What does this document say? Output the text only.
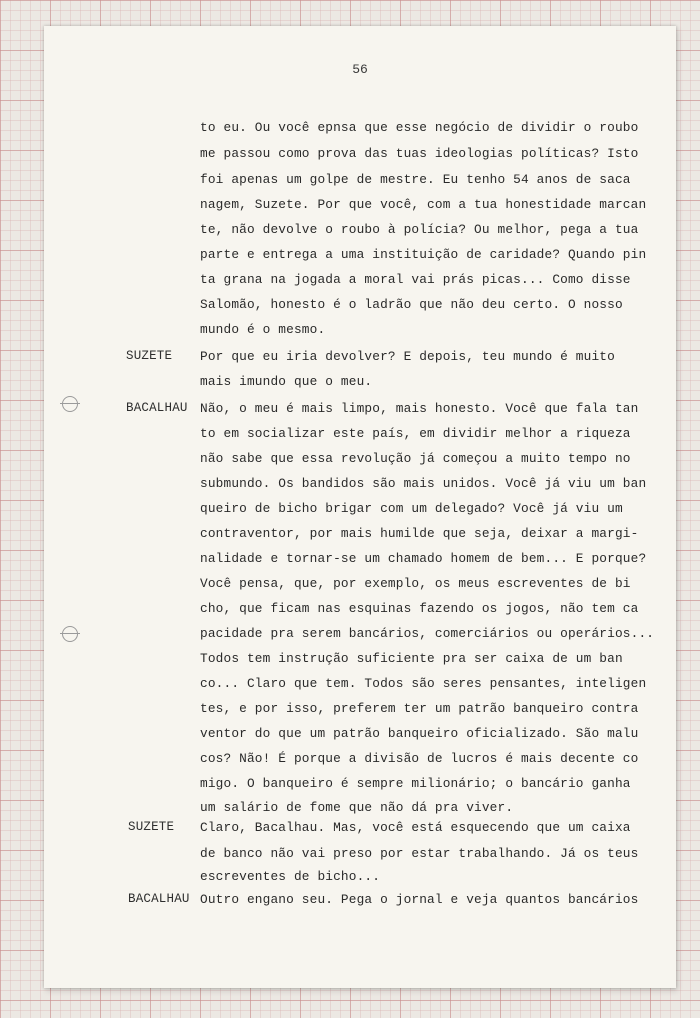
56
SUZETE
BACALHAU
SUZETE
BACALHAU
to eu. Ou você epnsa que esse negócio de dividir o roubo
me passou como prova das tuas ideologias políticas? Isto
foi apenas um golpe de mestre. Eu tenho 54 anos de saca
nagem, Suzete. Por que você, com a tua honestidade marcan
te, não devolve o roubo à polícia? Ou melhor, pega a tua
parte e entrega a uma instituição de caridade? Quando pin
ta grana na jogada a moral vai prás picas... Como disse
Salomão, honesto é o ladrão que não deu certo. O nosso
mundo é o mesmo.
Por que eu iria devolver? E depois, teu mundo é muito
mais imundo que o meu.
Não, o meu é mais limpo, mais honesto. Você que fala tan
to em socializar este país, em dividir melhor a riqueza
não sabe que essa revolução já começou a muito tempo no
submundo. Os bandidos são mais unidos. Você já viu um ban
queiro de bicho brigar com um delegado? Você já viu um
contraventor, por mais humilde que seja, deixar a margi-
nalidade e tornar-se um chamado homem de bem... E porque?
Você pensa, que, por exemplo, os meus escreventes de bi
cho, que ficam nas esquinas fazendo os jogos, não tem ca
pacidade pra serem bancários, comerciários ou operários...
Todos tem instrução suficiente pra ser caixa de um ban
co... Claro que tem. Todos são seres pensantes, inteligen
tes, e por isso, preferem ter um patrão banqueiro contra
ventor do que um patrão banqueiro oficializado. São malu
cos? Não! É porque a divisão de lucros é mais decente co
migo. O banqueiro é sempre milionário; o bancário ganha
um salário de fome que não dá pra viver.
Claro, Bacalhau. Mas, você está esquecendo que um caixa
de banco não vai preso por estar trabalhando. Já os teus
escreventes de bicho...
Outro engano seu. Pega o jornal e veja quantos bancários
